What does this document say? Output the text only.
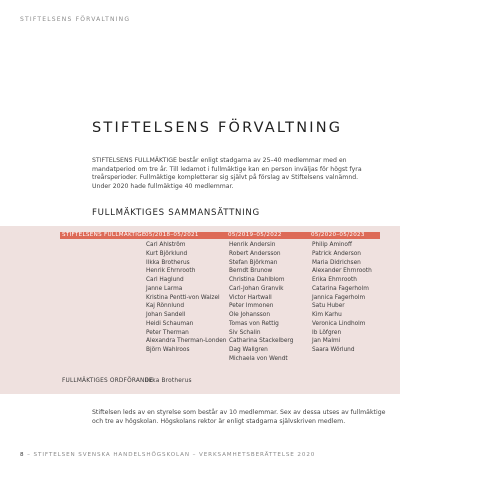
STIFTELSENS FÖRVALTNING
STIFTELSENS FÖRVALTNING

STIFTELSENS FULLMÄKTIGE består enligt stadgarna av 25–40 medlemmar med en
mandatperiod om tre år. Till ledamot i fullmäktige kan en person inväljas för högst fyra
treårsperioder. Fullmäktige kompletterar sig självt på förslag av Stiftelsens valnämnd.
Under 2020 hade fullmäktige 40 medlemmar.

FULLMÄKTIGES SAMMANSÄTTNING
STIFTELSENS FULLMÄKTIGE 05/2018–05/2021	05/2019–05/2022	05/2020–05/2023
Carl Ahlström
Kurt Björklund
Ilkka Brotherus
Henrik Ehrnrooth
Carl Haglund
Janne Larma
Kristina Pentti-von Walzel
Kaj Rönnlund
Johan Sandell
Heidi Schauman
Peter Therman
Alexandra Therman-Londen
Björn Wahlroos
Henrik Andersin
Robert Andersson
Stefan Björkman
Berndt Brunow
Christina Dahlblom
Carl-Johan Granvik
Victor Hartwall
Peter Immonen
Ole Johansson
Tomas von Rettig
Siv Schalin
Catharina Stackelberg
Dag Wallgren
Michaela von Wendt
Philip Aminoff
Patrick Anderson
Maria Didrichsen
Alexander Ehrnrooth
Erika Ehrnrooth
Catarina Fagerholm
Jannica Fagerholm
Satu Huber
Kim Karhu
Veronica Lindholm
Ib Löfgren
Jan Malmi
Saara Wörlund
FULLMÄKTIGES ORDFÖRANDE
Ilkka Brotherus

Stiftelsen leds av en styrelse som består av 10 medlemmar. Sex av dessa utses av fullmäktige
och tre av högskolan. Högskolans rektor är enligt stadgarna självskriven medlem.

8 – STIFTELSEN SVENSKA HANDELSHÖGSKOLAN – VERKSAMHETSBERÄTTELSE 2020
